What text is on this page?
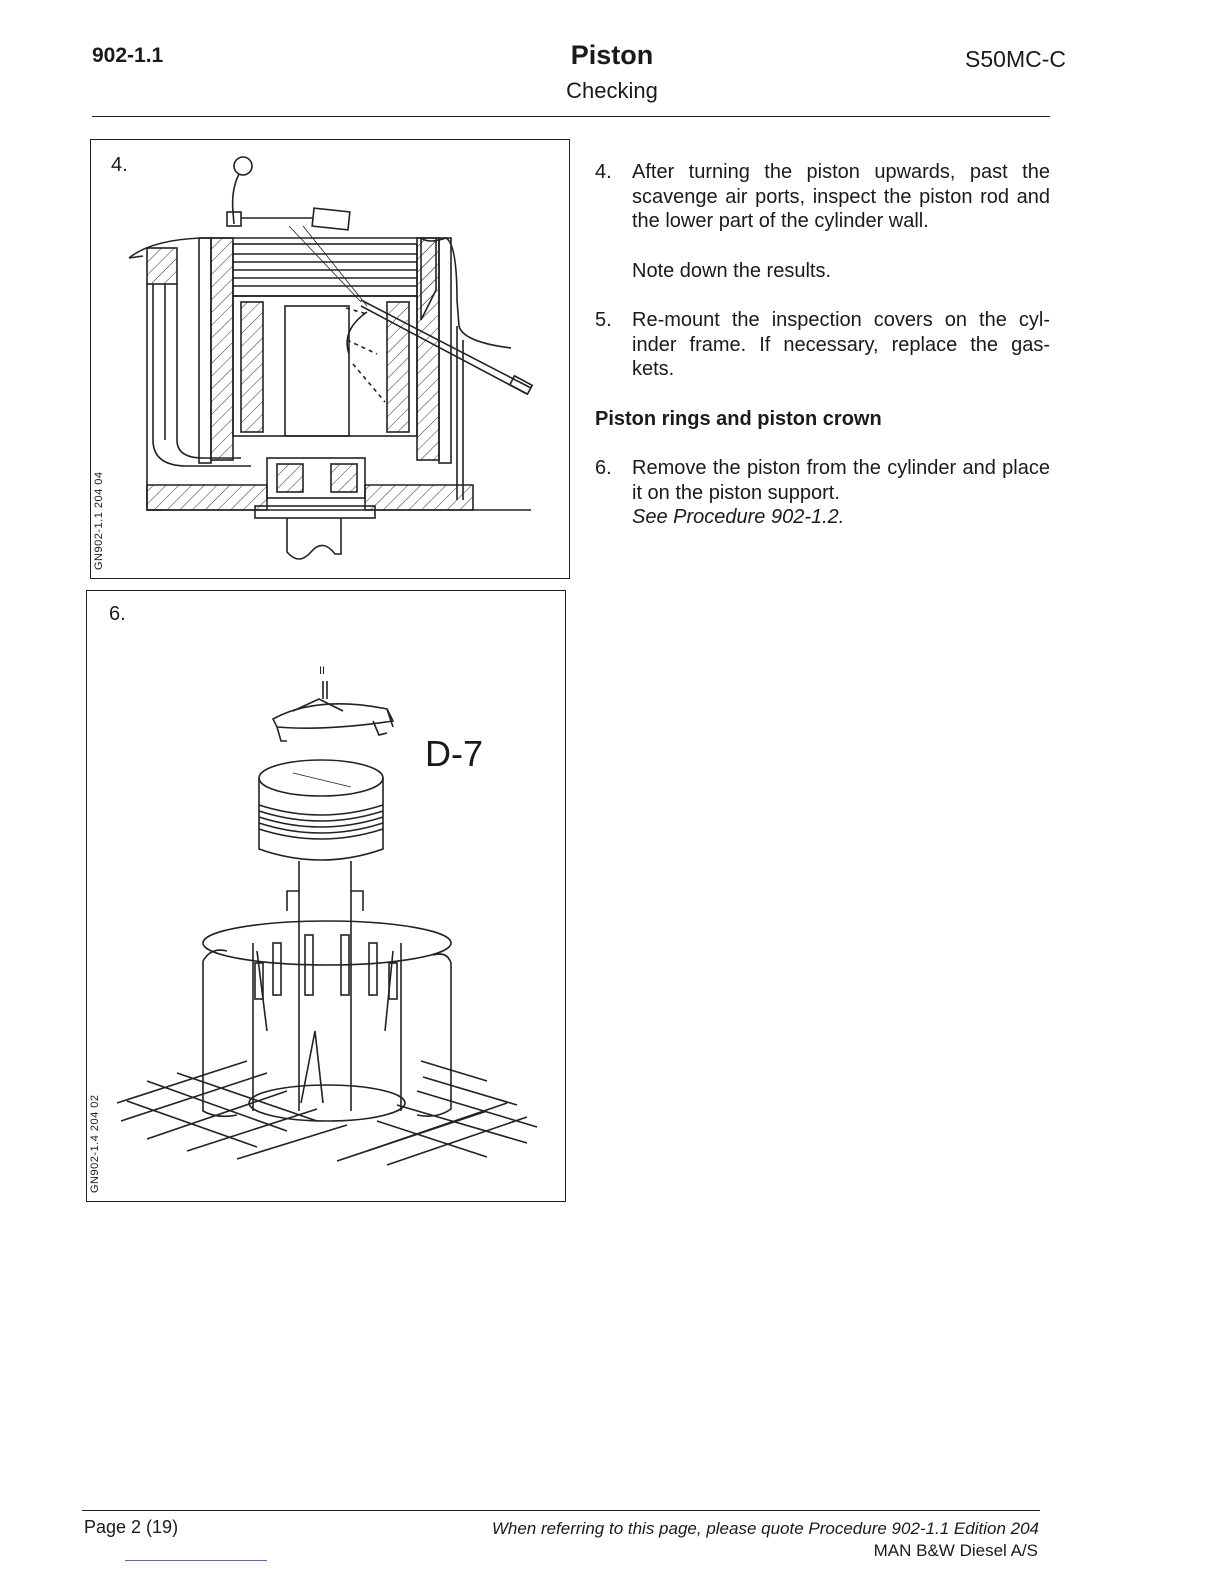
902-1.1	Piston
Checking
S50MC-C
4.
GN902-1.1 204 04
6.
GN902-1.4 204 02
D-7
II
4. After turning the piston upwards, past the scavenge air ports, inspect the piston rod and the lower part of the cylinder wall.
Note down the results.
5. Re-mount the inspection covers on the cyl- inder frame. If necessary, replace the gas- kets.
Piston rings and piston crown
6. Remove the piston from the cylinder and place it on the piston support.
See Procedure 902-1.2.
Page 2 (19)	When referring to this page, please quote Procedure 902-1.1 Edition 204
MAN B&W Diesel A/S
